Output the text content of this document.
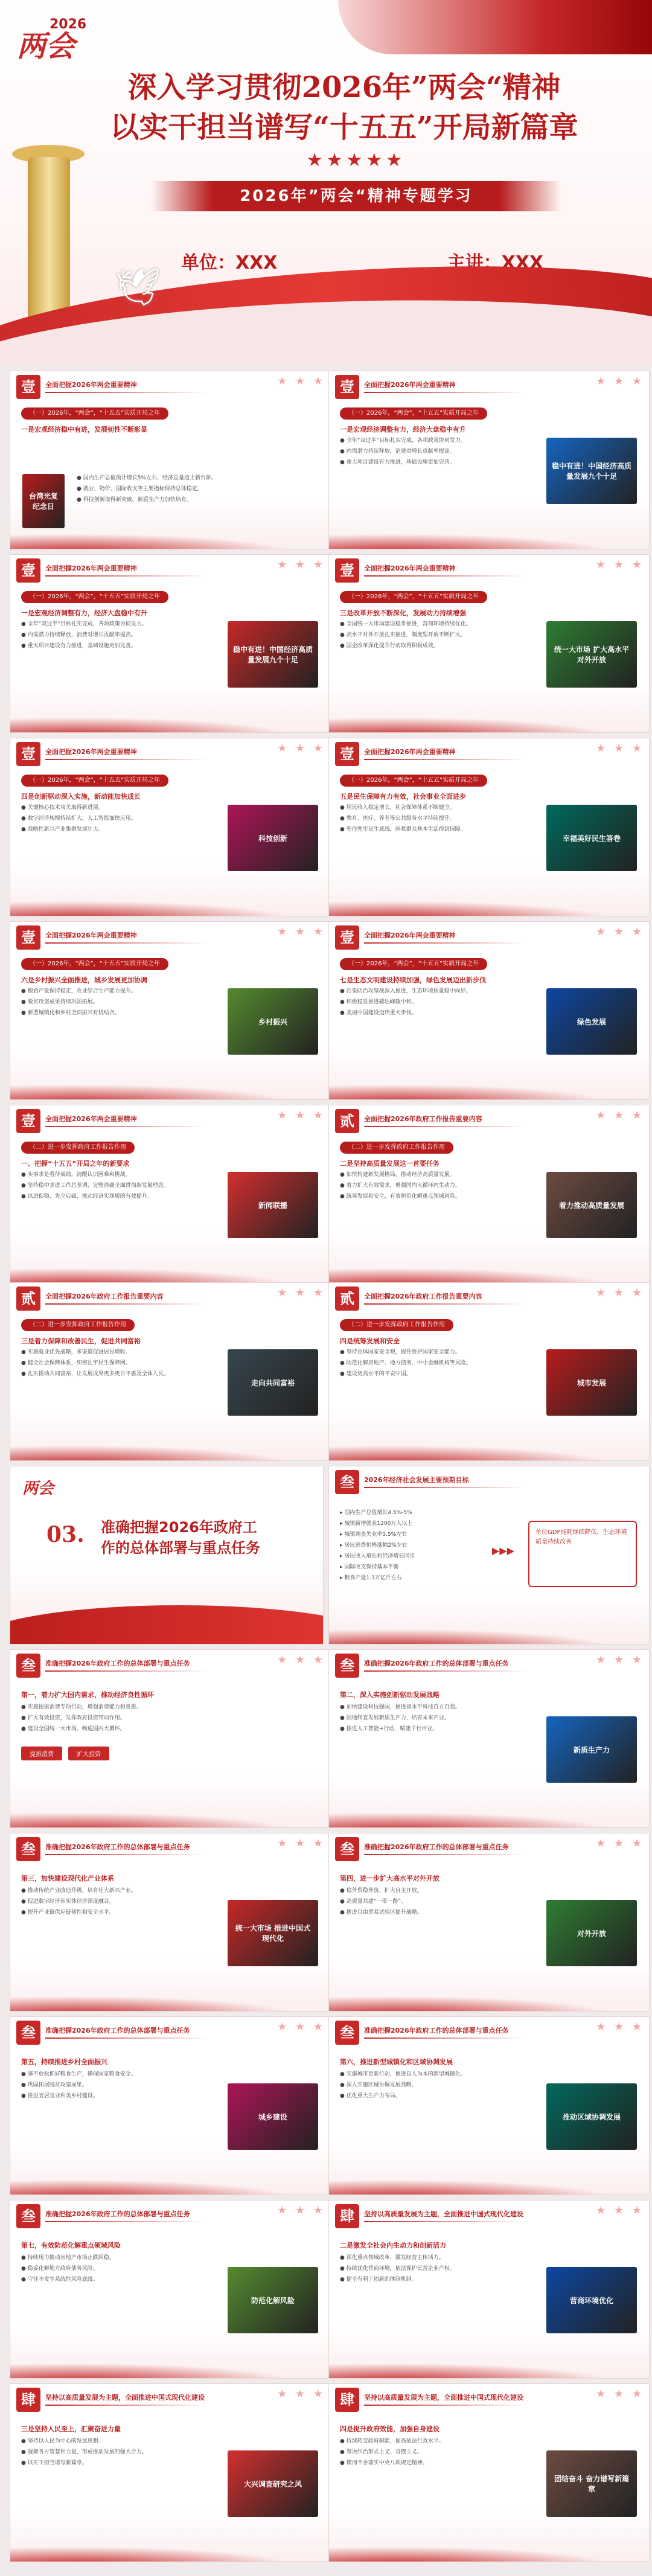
两会
2026
深入学习贯彻2026年”两会“精神
以实干担当谱写“十五五”开局新篇章
★★★★★
2026年”两会“精神专题学习
单位：XXX	主讲：XXX
🕊
壹	全面把握2026年两会重要精神	★ ★ ★
（一）2026年，“两会”，“十五五”实质开局之年
一是宏观经济稳中有进，发展韧性不断彰显

● 国内生产总值预计增长5%左右，经济总量迈上新台阶。

● 就业、物价、国际收支等主要指标保持总体稳定。

● 科技创新取得新突破，新质生产力加快培育。

台湾光复纪念日
壹	全面把握2026年两会重要精神	★ ★ ★
（一）2026年，“两会”，“十五五”实质开局之年
一是宏观经济调整有力，经济大盘稳中有升

● 全年“双过半”目标扎实完成，各项政策协同发力。

● 内需潜力持续释放，消费对增长贡献率提高。

● 重大项目建设有力推进，基础设施更加完善。	稳中有进！中国经济高质量发展九个十足
壹	全面把握2026年两会重要精神	★ ★ ★
（一）2026年，“两会”，“十五五”实质开局之年
一是宏观经济调整有力，经济大盘稳中有升

● 全年“双过半”目标扎实完成，各项政策协同发力。

● 内需潜力持续释放，消费对增长贡献率提高。

● 重大项目建设有力推进，基础设施更加完善。	稳中有进！中国经济高质量发展九个十足
壹	全面把握2026年两会重要精神	★ ★ ★
（一）2026年，“两会”，“十五五”实质开局之年
三是改革开放不断深化，发展动力持续增强

● 全国统一大市场建设稳步推进，营商环境持续优化。

● 高水平对外开放扎实推进，制度型开放不断扩大。

● 国企改革深化提升行动取得积极成效。	统一大市场 扩大高水平对外开放
壹	全面把握2026年两会重要精神	★ ★ ★
（一）2026年，“两会”，“十五五”实质开局之年
四是创新驱动深入实施，新动能加快成长

● 关键核心技术攻关取得新进展。

● 数字经济规模持续扩大，人工智能加快应用。

● 战略性新兴产业集群发展壮大。

科技创新
壹	全面把握2026年两会重要精神	★ ★ ★
（一）2026年，“两会”，“十五五”实质开局之年
五是民生保障有力有效，社会事业全面进步

● 居民收入稳定增长，社会保障体系不断健全。

● 教育、医疗、养老等公共服务水平持续提升。

● 兜住兜牢民生底线，困难群众基本生活得到保障。

幸福美好民生答卷
壹	全面把握2026年两会重要精神	★ ★ ★
（一）2026年，“两会”，“十五五”实质开局之年
六是乡村振兴全面推进，城乡发展更加协调

● 粮食产量保持稳定，农业综合生产能力提升。

● 脱贫攻坚成果持续巩固拓展。

● 新型城镇化和乡村全面振兴有机结合。

乡村振兴
壹	全面把握2026年两会重要精神	★ ★ ★
（一）2026年，“两会”，“十五五”实质开局之年
七是生态文明建设持续加强，绿色发展迈出新步伐

● 污染防治攻坚战深入推进，生态环境质量稳中向好。

● 积极稳妥推进碳达峰碳中和。

● 美丽中国建设迈出重大步伐。

绿色发展
壹	全面把握2026年两会重要精神	★ ★ ★
（二）进一步发挥政府工作报告作用
一、把握“十五五”开局之年的新要求

● 实事求是看待成绩，清醒认识困难和挑战。

● 坚持稳中求进工作总基调，完整准确全面贯彻新发展理念。

● 以进促稳、先立后破，推动经济实现质的有效提升。

新闻联播
贰	全面把握2026年政府工作报告重要内容	★ ★ ★
（二）进一步发挥政府工作报告作用
二是坚持高质量发展这一首要任务

● 加快构建新发展格局，推动经济高质量发展。

● 着力扩大有效需求，增强国内大循环内生动力。

● 统筹发展和安全，有效防范化解重点领域风险。

着力推动高质量发展
贰	全面把握2026年政府工作报告重要内容	★ ★ ★
（二）进一步发挥政府工作报告作用
三是着力保障和改善民生，促进共同富裕

● 实施就业优先战略，多渠道促进居民增收。

● 健全社会保障体系，织密扎牢民生保障网。

● 扎实推动共同富裕，让发展成果更多更公平惠及全体人民。

走向共同富裕
贰	全面把握2026年政府工作报告重要内容	★ ★ ★
（二）进一步发挥政府工作报告作用
四是统筹发展和安全

● 坚持总体国家安全观，提升维护国家安全能力。

● 防范化解房地产、地方债务、中小金融机构等风险。

● 建设更高水平的平安中国。

城市发展
03. 准确把握2026年政府工
作的总体部署与重点任务
两会	叁	2026年经济社会发展主要预期目标

▸ 国内生产总值增长4.5%-5%

▸ 城镇新增就业1200万人以上

▸ 城镇调查失业率5.5%左右

▸ 居民消费价格涨幅2%左右

▸ 居民收入增长和经济增长同步

▸ 国际收支保持基本平衡

▸ 粮食产量1.3万亿斤左右

▶▶▶
单位GDP能耗继续降低，生态环境质量持续改善
叁	准确把握2026年政府工作的总体部署与重点任务	★ ★ ★
第一，着力扩大国内需求，推动经济良性循环

● 实施提振消费专项行动，增强消费能力和意愿。

● 扩大有效投资，发挥政府投资带动作用。

● 建设全国统一大市场，畅通国内大循环。

提振消费	扩大投资
叁	准确把握2026年政府工作的总体部署与重点任务	★ ★ ★
第二，深入实施创新驱动发展战略

● 加快建设科技强国，推进高水平科技自立自强。

● 因地制宜发展新质生产力，培育未来产业。

● 推进人工智能+行动，赋能千行百业。

新质生产力
叁	准确把握2026年政府工作的总体部署与重点任务	★ ★ ★
第三，加快建设现代化产业体系

● 推动传统产业改造升级，培育壮大新兴产业。

● 促进数字经济和实体经济深度融合。

● 提升产业链供应链韧性和安全水平。

统一大市场 推进中国式现代化
叁	准确把握2026年政府工作的总体部署与重点任务	★ ★ ★
第四，进一步扩大高水平对外开放

● 稳外贸稳外资，扩大自主开放。

● 高质量共建“一带一路”。

● 推进自由贸易试验区提升战略。

对外开放
叁	准确把握2026年政府工作的总体部署与重点任务	★ ★ ★
第五，持续推进乡村全面振兴

● 毫不放松抓好粮食生产，确保国家粮食安全。

● 巩固拓展脱贫攻坚成果。

● 推进宜居宜业和美乡村建设。

城乡建设
叁	准确把握2026年政府工作的总体部署与重点任务	★ ★ ★
第六，推进新型城镇化和区域协调发展

● 实施城市更新行动，推进以人为本的新型城镇化。

● 深入实施区域协调发展战略。

● 优化重大生产力布局。

推动区域协调发展
叁	准确把握2026年政府工作的总体部署与重点任务	★ ★ ★
第七，有效防范化解重点领域风险

● 持续用力推动房地产市场止跌回稳。

● 稳妥化解地方政府债务风险。

● 守住不发生系统性风险底线。

防范化解风险
肆	坚持以高质量发展为主题，全面推进中国式现代化建设	★ ★ ★
二是激发全社会内生动力和创新活力

● 深化重点领域改革，激发经营主体活力。

● 持续优化营商环境，依法保护民营企业产权。

● 健全有利于创新的体制机制。

营商环境优化
肆	坚持以高质量发展为主题，全面推进中国式现代化建设	★ ★ ★
三是坚持人民至上，汇聚奋进力量

● 坚持以人民为中心的发展思想。

● 凝聚各方智慧和力量，形成推动发展的强大合力。

● 以实干担当谱写新篇章。

大兴调查研究之风
肆	坚持以高质量发展为主题，全面推进中国式现代化建设	★ ★ ★
四是提升政府效能，加强自身建设

● 持续转变政府职能，提高依法行政水平。

● 坚决纠治形式主义、官僚主义。

● 锲而不舍落实中央八项规定精神。

团结奋斗 奋力谱写新篇章
